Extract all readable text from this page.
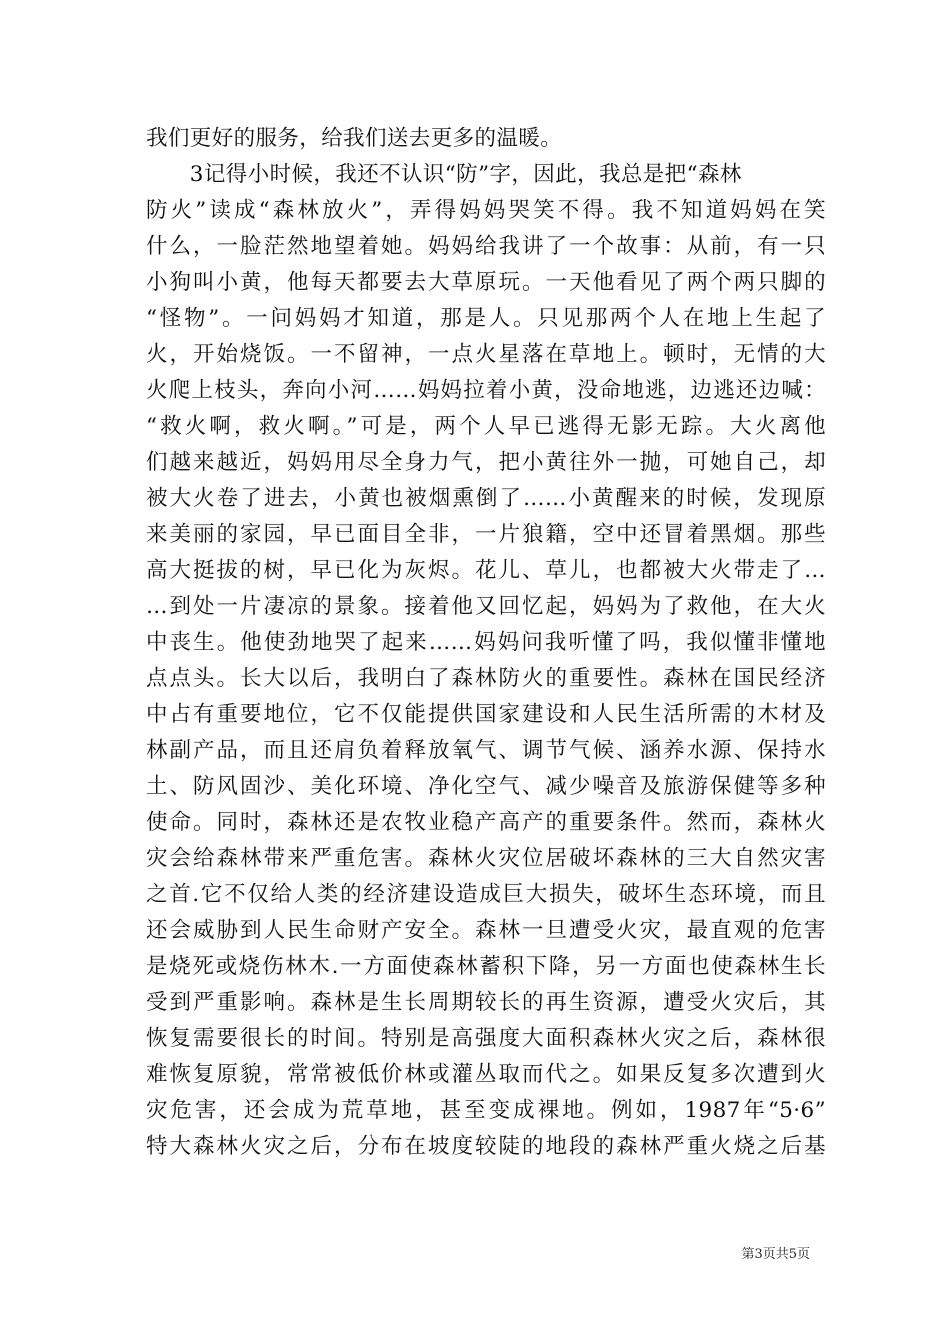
我们更好的服务，给我们送去更多的温暖。
　　3记得小时候，我还不认识“防”字，因此，我总是把“森林
防火”读成“森林放火”，弄得妈妈哭笑不得。我不知道妈妈在笑
什么，一脸茫然地望着她。妈妈给我讲了一个故事：从前，有一只
小狗叫小黄，他每天都要去大草原玩。一天他看见了两个两只脚的
“怪物”。一问妈妈才知道，那是人。只见那两个人在地上生起了
火，开始烧饭。一不留神，一点火星落在草地上。顿时，无情的大
火爬上枝头，奔向小河……妈妈拉着小黄，没命地逃，边逃还边喊：
“救火啊，救火啊。”可是，两个人早已逃得无影无踪。大火离他
们越来越近，妈妈用尽全身力气，把小黄往外一抛，可她自己，却
被大火卷了进去，小黄也被烟熏倒了……小黄醒来的时候，发现原
来美丽的家园，早已面目全非，一片狼籍，空中还冒着黑烟。那些
高大挺拔的树，早已化为灰烬。花儿、草儿，也都被大火带走了…
…到处一片凄凉的景象。接着他又回忆起，妈妈为了救他，在大火
中丧生。他使劲地哭了起来……妈妈问我听懂了吗，我似懂非懂地
点点头。长大以后，我明白了森林防火的重要性。森林在国民经济
中占有重要地位，它不仅能提供国家建设和人民生活所需的木材及
林副产品，而且还肩负着释放氧气、调节气候、涵养水源、保持水
土、防风固沙、美化环境、净化空气、减少噪音及旅游保健等多种
使命。同时，森林还是农牧业稳产高产的重要条件。然而，森林火
灾会给森林带来严重危害。森林火灾位居破坏森林的三大自然灾害
之首.它不仅给人类的经济建设造成巨大损失，破坏生态环境，而且
还会威胁到人民生命财产安全。森林一旦遭受火灾，最直观的危害
是烧死或烧伤林木.一方面使森林蓄积下降，另一方面也使森林生长
受到严重影响。森林是生长周期较长的再生资源，遭受火灾后，其
恢复需要很长的时间。特别是高强度大面积森林火灾之后，森林很
难恢复原貌，常常被低价林或灌丛取而代之。如果反复多次遭到火
灾危害，还会成为荒草地，甚至变成裸地。例如，1987年“5·6”
特大森林火灾之后，分布在坡度较陡的地段的森林严重火烧之后基
第3页共5页
